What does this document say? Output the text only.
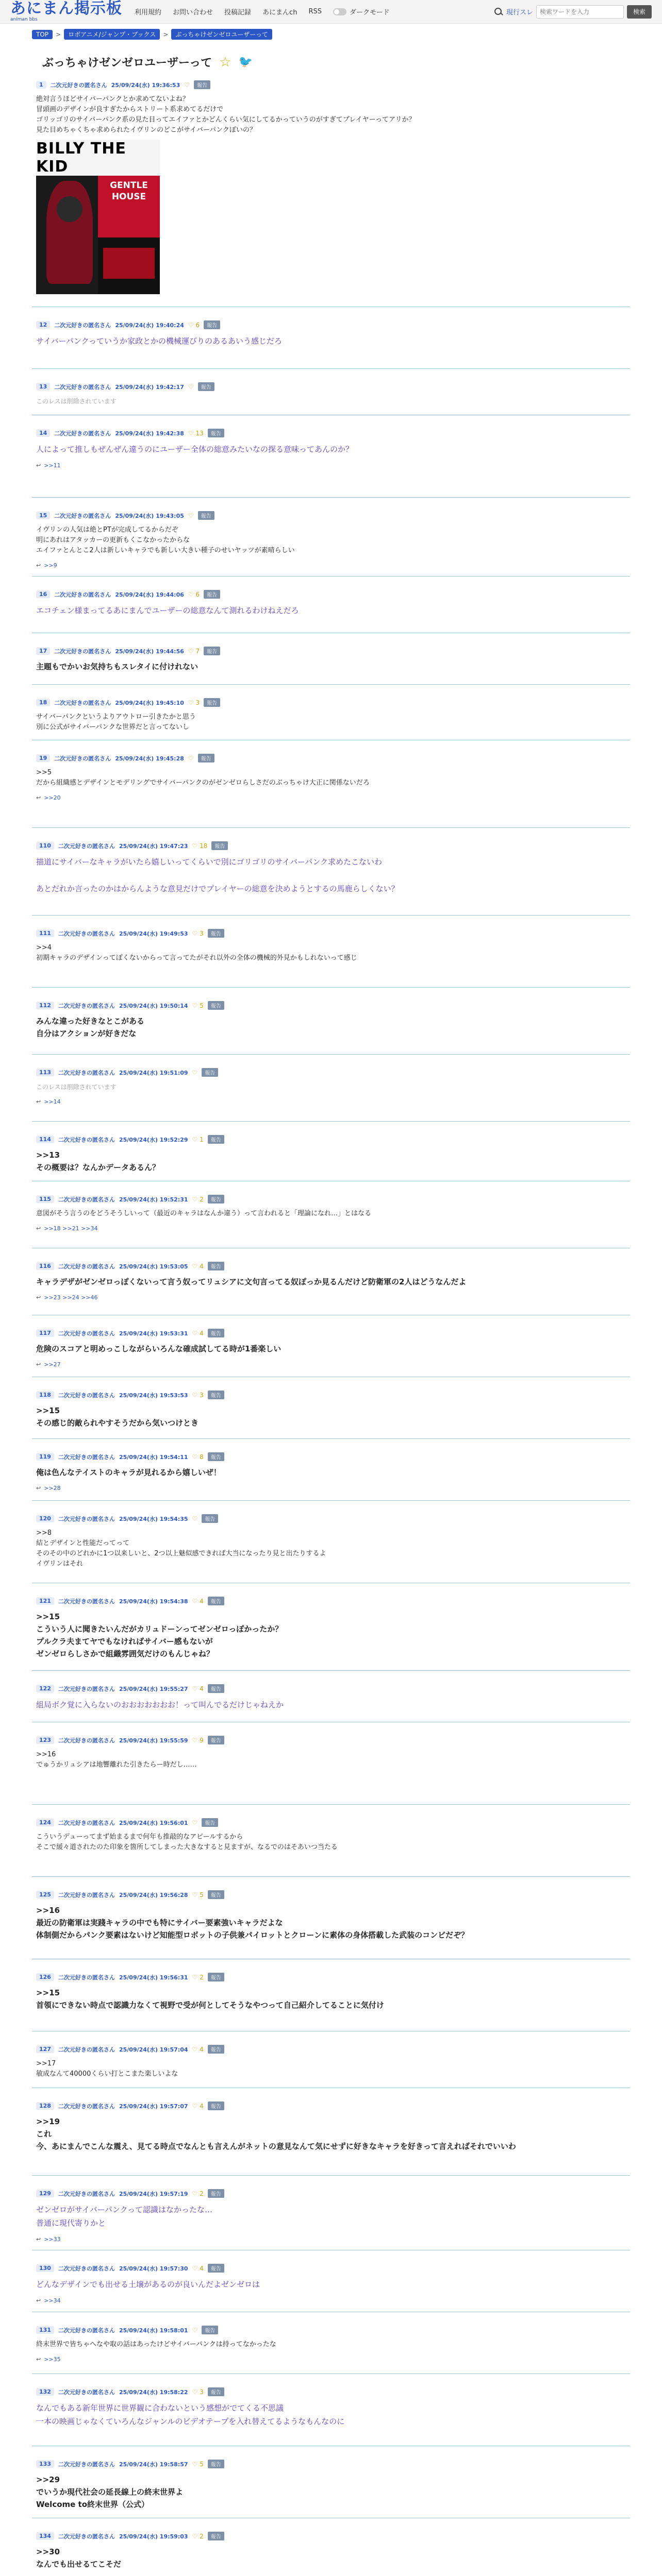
あにまん掲示板
animan bbs
利用規約 お問い合わせ 投稿記録 あにまんch RSS	ダークモード	現行スレ
検索ワードを入力	検索
TOP	>	ロボアニメ/ジャンプ・ブックス	>	ぶっちゃけゼンゼロユーザーって
ぶっちゃけゼンゼロユーザーって ☆ 🐦
1	二次元好きの匿名さん 25/09/24(水) 19:36:53 ♡	報告
絶対言うほどサイバーパンクとか求めてないよね？
冒頭画のデザインが良すぎたからストリート系求めてるだけで
ゴリッゴリのサイバーパンク系の見た目ってエイファとかどんくらい気にしてるかっていうのがすぎてプレイヤーってアリか？
見た目めちゃくちゃ求められたイヴリンのどこがサイバーパンクぽいの？
BILLY THE KID
GENTLE
HOUSE
12	二次元好きの匿名さん 25/09/24(水) 19:40:24 ♡ 6	報告
サイバーパンクっていうか家政とかの機械運びりのあるあいう感じだろ
13	二次元好きの匿名さん 25/09/24(水) 19:42:17 ♡	報告
このレスは削除されています
14	二次元好きの匿名さん 25/09/24(水) 19:42:38 ♡ 13	報告
人によって推しもぜんぜん違うのにユーザー全体の総意みたいなの探る意味ってあんのか？
↩ >>11
15	二次元好きの匿名さん 25/09/24(水) 19:43:05 ♡	報告
イヴリンの人気は絶とPTが完成してるからだぞ
明にあれはアタッカーの更新もくこなかったからな
エイファとんとこ2人は新しいキャラでも新しい大きい種子のせいヤッツが素晴らしい
↩ >>9
16	二次元好きの匿名さん 25/09/24(水) 19:44:06 ♡ 6	報告
エコチェン様まってるあにまんでユーザーの総意なんて測れるわけねえだろ
17	二次元好きの匿名さん 25/09/24(水) 19:44:56 ♡ 7	報告
主題もでかいお気持ちもスレタイに付けれない
18	二次元好きの匿名さん 25/09/24(水) 19:45:10 ♡ 3	報告
サイバーパンクというよりアウトロー引きたかと思う
別に公式がサイバーパンクな世界だと言ってないし
19	二次元好きの匿名さん 25/09/24(水) 19:45:28 ♡	報告
>>5
だから組織感とデザインとモデリングでサイバーパンクのがゼンゼロらしさだのぶっちゃけ大正に関係ないだろ
↩ >>20
110	二次元好きの匿名さん 25/09/24(水) 19:47:23 ♡ 18	報告
描道にサイバーなキャラがいたら嬉しいってくらいで別にゴリゴリのサイバーパンク求めたこないわ

あとだれか言ったのかはからんような意見だけでプレイヤーの総意を決めようとするの馬鹿らしくない？
111	二次元好きの匿名さん 25/09/24(水) 19:49:53 ♡ 3	報告
>>4
初期キャラのデザインってぽくないからって言ってたがそれ以外の全体の機械的外見かもしれないって感じ
112	二次元好きの匿名さん 25/09/24(水) 19:50:14 ♡ 5	報告
みんな違った好きなとこがある
自分はアクションが好きだな
113	二次元好きの匿名さん 25/09/24(水) 19:51:09 ♡	報告
このレスは削除されています
↩ >>14
114	二次元好きの匿名さん 25/09/24(水) 19:52:29 ♡ 1	報告
>>13
その概要は？なんかデータあるん？
115	二次元好きの匿名さん 25/09/24(水) 19:52:31 ♡ 2	報告
意図がそう言うのをどうそうしいって（最近のキャラはなんか違う）って言われると「理論になれ…」とはなる
↩ >>18 >>21 >>34
116	二次元好きの匿名さん 25/09/24(水) 19:53:05 ♡ 4	報告
キャラデザがゼンゼロっぽくないって言う奴ってリュシアに文句言ってる奴ぽっか見るんだけど防衛軍の2人はどうなんだよ
↩ >>23 >>24 >>46
117	二次元好きの匿名さん 25/09/24(水) 19:53:31 ♡ 4	報告
危険のスコアと明めっこしながらいろんな確成試してる時が1番楽しい
↩ >>27
118	二次元好きの匿名さん 25/09/24(水) 19:53:53 ♡ 3	報告
>>15
その感じ的敵られやすそうだから気いつけとき
119	二次元好きの匿名さん 25/09/24(水) 19:54:11 ♡ 8	報告
俺は色んなテイストのキャラが見れるから嬉しいぜ！
↩ >>28
120	二次元好きの匿名さん 25/09/24(水) 19:54:35 ♡	報告
>>8
結とデザインと性能だってって
そのその中のどれかに1つ以来しいと、2つ以上魅似感できれば大当になったり見と出たりするよ
イヴリンはそれ
121	二次元好きの匿名さん 25/09/24(水) 19:54:38 ♡ 4	報告
>>15
こういう人に聞きたいんだがカリュドーンってゼンゼロっぽかったか？
プルクラ夫まてヤでもなければサイバー感もないが
ゼンゼロらしさかで組織雰囲気だけのもんじゃね？
122	二次元好きの匿名さん 25/09/24(水) 19:55:27 ♡ 4	報告
組局ボク覚に入らないのおおおおおおお！って叫んでるだけじゃねえか
123	二次元好きの匿名さん 25/09/24(水) 19:55:59 ♡ 9	報告
>>16
でゅうかリュシアは地響離れた引きたらー時だし……
124	二次元好きの匿名さん 25/09/24(水) 19:56:01 ♡	報告
こういうデューってまず始まるまで何年も推敲的なアピールするから
そこで緩々道されたのた印象を箇所してしまった大きなすると見ますが、なるでのはそあいつ当たる
125	二次元好きの匿名さん 25/09/24(水) 19:56:28 ♡ 5	報告
>>16
最近の防衛軍は実踐キャラの中でも特にサイバー要素強いキャラだよな
体制側だからパンク要素はないけど知能型ロボットの子供兼パイロットとクローンに素体の身体搭載した武装のコンビだぞ？
126	二次元好きの匿名さん 25/09/24(水) 19:56:31 ♡ 2	報告
>>15
首領にできない時点で認識力なくて視野で受が何としてそうなやつって自己紹介してることに気付け
127	二次元好きの匿名さん 25/09/24(水) 19:57:04 ♡ 4	報告
>>17
敏成なんて40000くらい打とこまた楽しいよな
128	二次元好きの匿名さん 25/09/24(水) 19:57:07 ♡ 4	報告
>>19
これ
今、あにまんでこんな震え、見てる時点でなんとも言えんがネットの意見なんて気にせずに好きなキャラを好きって言えればそれでいいわ
129	二次元好きの匿名さん 25/09/24(水) 19:57:19 ♡ 2	報告
ゼンゼロがサイバーパンクって認識はなかったな…
普通に現代寄りかと
↩ >>33
130	二次元好きの匿名さん 25/09/24(水) 19:57:30 ♡ 4	報告
どんなデザインでも出せる土壌があるのが良いんだよゼンゼロは
↩ >>34
131	二次元好きの匿名さん 25/09/24(水) 19:58:01 ♡	報告
終末世界で皆ちゃへなや取の話はあったけどサイバーパンクは持ってなかったな
↩ >>35
132	二次元好きの匿名さん 25/09/24(水) 19:58:22 ♡ 3	報告
なんでもある新年世界に世界観に合わないという感想がでてくる不思議
一本の映画じゃなくていろんなジャンルのビデオテープを入れ替えてるようなもんなのに
133	二次元好きの匿名さん 25/09/24(水) 19:58:57 ♡ 5	報告
>>29
でいうか現代社会の延長線上の終末世界よ
Welcome to終末世界（公式）
134	二次元好きの匿名さん 25/09/24(水) 19:59:03 ♡ 2	報告
>>30
なんでも出せるてこそだ
